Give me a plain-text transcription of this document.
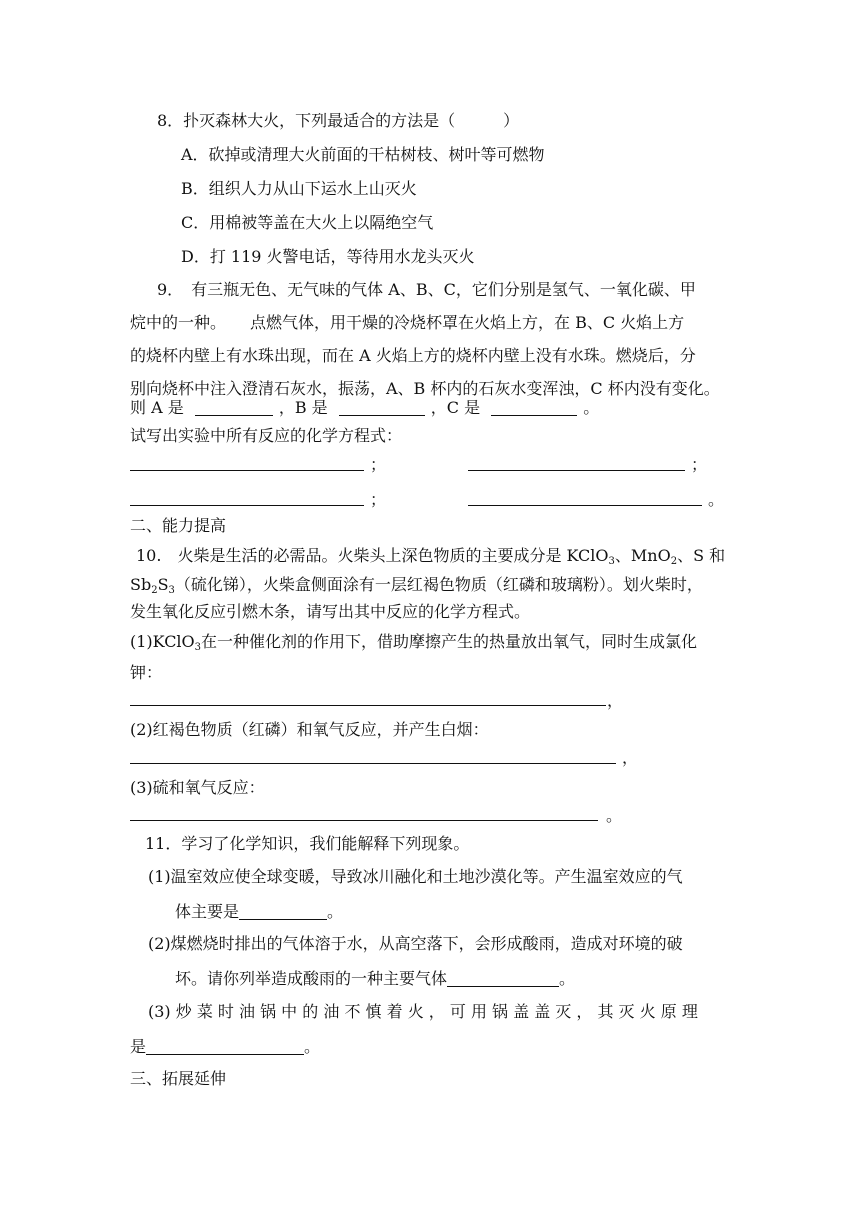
8．扑灭森林大火，下列最适合的方法是（　　　）
A．砍掉或清理大火前面的干枯树枝、树叶等可燃物
B．组织人力从山下运水上山灭火
C．用棉被等盖在大火上以隔绝空气
D．打 119 火警电话，等待用水龙头灭火
9．　有三瓶无色、无气味的气体 A、B、C，它们分别是氢气、一氧化碳、甲
烷中的一种。　　点燃气体，用干燥的冷烧杯罩在火焰上方，在 B、C 火焰上方
的烧杯内壁上有水珠出现，而在 A 火焰上方的烧杯内壁上没有水珠。燃烧后，分
别向烧杯中注入澄清石灰水，振荡，A、B 杯内的石灰水变浑浊，C 杯内没有变化。
则 A 是	，B 是	，C 是	。
试写出实验中所有反应的化学方程式：
；	；
；	。
二、能力提高
10.　火柴是生活的必需品。火柴头上深色物质的主要成分是 KClO$_3$、MnO$_2$、S 和
$Sb_2S_3$（硫化锑），火柴盒侧面涂有一层红褐色物质（红磷和玻璃粉）。划火柴时，
发生氧化反应引燃木条，请写出其中反应的化学方程式。
(1)KClO$_3$在一种催化剂的作用下，借助摩擦产生的热量放出氧气，同时生成氯化
钾：
，
(2)红褐色物质（红磷）和氧气反应，并产生白烟：
，
(3)硫和氧气反应：
。
11．学习了化学知识，我们能解释下列现象。
(1)温室效应使全球变暖，导致冰川融化和土地沙漠化等。产生温室效应的气
体主要是	。
(2)煤燃烧时排出的气体溶于水，从高空落下，会形成酸雨，造成对环境的破
坏。请你列举造成酸雨的一种主要气体	。
(3) 炒 菜 时 油 锅 中 的 油 不 慎 着 火 ， 可 用 锅 盖 盖 灭 ， 其 灭 火 原 理
是	。
三、拓展延伸
